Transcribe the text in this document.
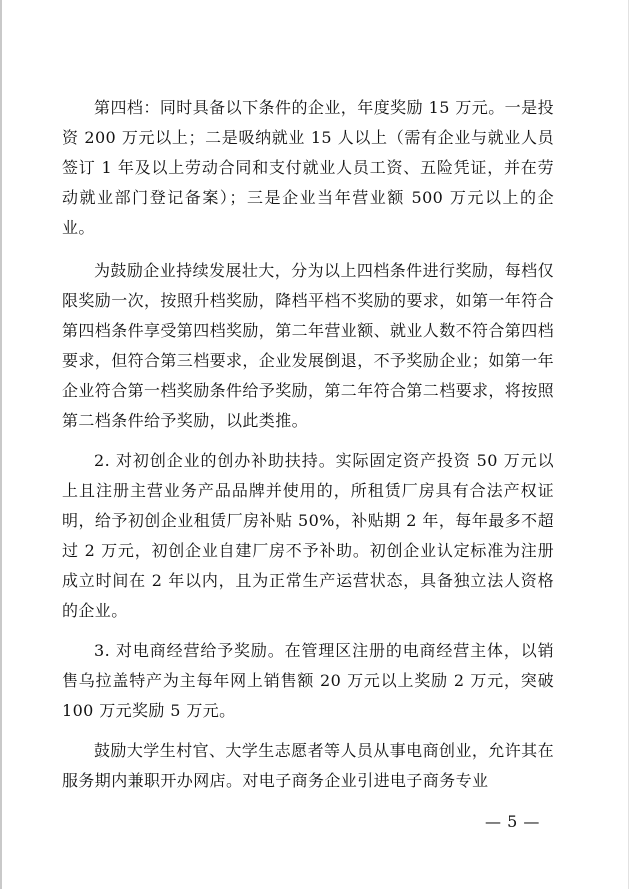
第四档：同时具备以下条件的企业，年度奖励 15 万元。一是投资 200 万元以上；二是吸纳就业 15 人以上（需有企业与就业人员签订 1 年及以上劳动合同和支付就业人员工资、五险凭证，并在劳动就业部门登记备案）；三是企业当年营业额 500 万元以上的企业。

为鼓励企业持续发展壮大，分为以上四档条件进行奖励，每档仅限奖励一次，按照升档奖励，降档平档不奖励的要求，如第一年符合第四档条件享受第四档奖励，第二年营业额、就业人数不符合第四档要求，但符合第三档要求，企业发展倒退，不予奖励企业；如第一年企业符合第一档奖励条件给予奖励，第二年符合第二档要求，将按照第二档条件给予奖励，以此类推。

2. 对初创企业的创办补助扶持。实际固定资产投资 50 万元以上且注册主营业务产品品牌并使用的，所租赁厂房具有合法产权证明，给予初创企业租赁厂房补贴 50%，补贴期 2 年，每年最多不超过 2 万元，初创企业自建厂房不予补助。初创企业认定标准为注册成立时间在 2 年以内，且为正常生产运营状态，具备独立法人资格的企业。

3. 对电商经营给予奖励。在管理区注册的电商经营主体，以销售乌拉盖特产为主每年网上销售额 20 万元以上奖励 2 万元，突破 100 万元奖励 5 万元。

鼓励大学生村官、大学生志愿者等人员从事电商创业，允许其在服务期内兼职开办网店。对电子商务企业引进电子商务专业

— 5 —
